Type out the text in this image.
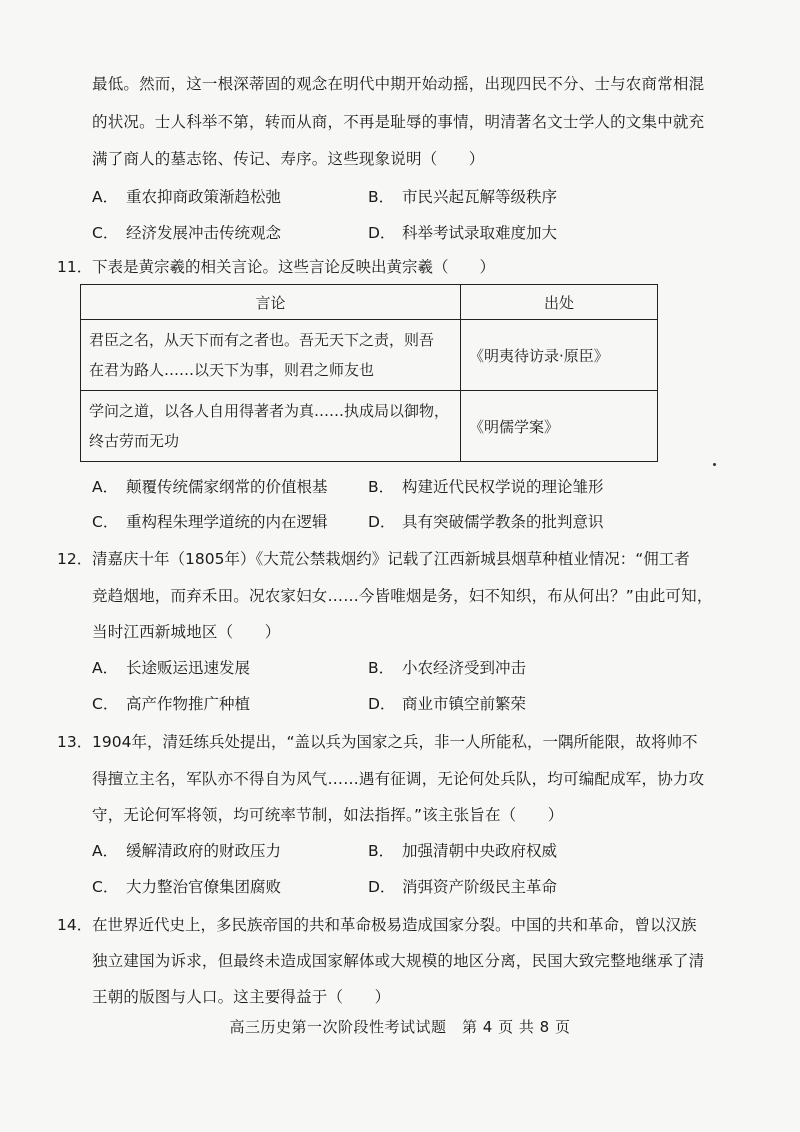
最低。然而，这一根深蒂固的观念在明代中期开始动摇，出现四民不分、士与农商常相混
的状况。士人科举不第，转而从商，不再是耻辱的事情，明清著名文士学人的文集中就充
满了商人的墓志铭、传记、寿序。这些现象说明（　　）
A． 重农抑商政策渐趋松弛	B． 市民兴起瓦解等级秩序
C． 经济发展冲击传统观念	D． 科举考试录取难度加大
11．下表是黄宗羲的相关言论。这些言论反映出黄宗羲（　　）
言论	出处

君臣之名，从天下而有之者也。吾无天下之责，则吾
在君为路人……以天下为事，则君之师友也	《明夷待访录·原臣》

学问之道，以各人自用得著者为真……执成局以御物，
终古劳而无功	《明儒学案》
A． 颠覆传统儒家纲常的价值根基	B． 构建近代民权学说的理论雏形
C． 重构程朱理学道统的内在逻辑	D． 具有突破儒学教条的批判意识
12．清嘉庆十年（1805年）《大荒公禁栽烟约》记载了江西新城县烟草种植业情况：“佣工者
竞趋烟地，而弃禾田。况农家妇女……今皆唯烟是务，妇不知织，布从何出？”由此可知，
当时江西新城地区（　　）
A． 长途贩运迅速发展	B． 小农经济受到冲击
C． 高产作物推广种植	D． 商业市镇空前繁荣
13．1904年，清廷练兵处提出，“盖以兵为国家之兵，非一人所能私，一隅所能限，故将帅不
得擅立主名，军队亦不得自为风气……遇有征调，无论何处兵队，均可编配成军，协力攻
守，无论何军将领，均可统率节制，如法指挥。”该主张旨在（　　）
A． 缓解清政府的财政压力	B． 加强清朝中央政府权威
C． 大力整治官僚集团腐败	D． 消弭资产阶级民主革命
14．在世界近代史上，多民族帝国的共和革命极易造成国家分裂。中国的共和革命，曾以汉族
独立建国为诉求，但最终未造成国家解体或大规模的地区分离，民国大致完整地继承了清
王朝的版图与人口。这主要得益于（　　）
高三历史第一次阶段性考试试题　第 4 页 共 8 页
